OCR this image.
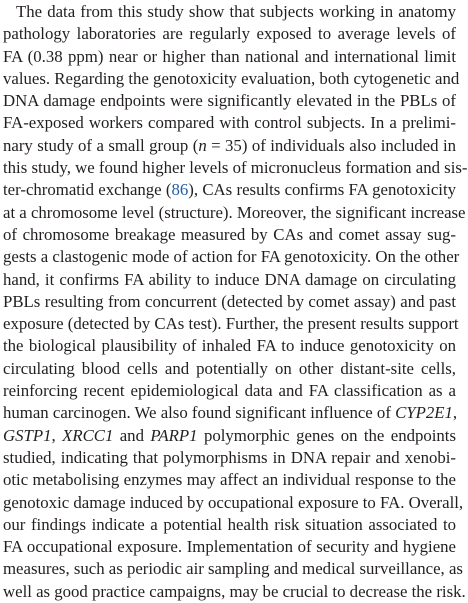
The data from this study show that subjects working in anatomy
pathology laboratories are regularly exposed to average levels of
FA (0.38 ppm) near or higher than national and international limit
values. Regarding the genotoxicity evaluation, both cytogenetic and
DNA damage endpoints were significantly elevated in the PBLs of
FA-exposed workers compared with control subjects. In a prelimi-
nary study of a small group (n = 35) of individuals also included in
this study, we found higher levels of micronucleus formation and sis-
ter-chromatid exchange (86), CAs results confirms FA genotoxicity
at a chromosome level (structure). Moreover, the significant increase
of chromosome breakage measured by CAs and comet assay sug-
gests a clastogenic mode of action for FA genotoxicity. On the other
hand, it confirms FA ability to induce DNA damage on circulating
PBLs resulting from concurrent (detected by comet assay) and past
exposure (detected by CAs test). Further, the present results support
the biological plausibility of inhaled FA to induce genotoxicity on
circulating blood cells and potentially on other distant-site cells,
reinforcing recent epidemiological data and FA classification as a
human carcinogen. We also found significant influence of CYP2E1,
GSTP1, XRCC1 and PARP1 polymorphic genes on the endpoints
studied, indicating that polymorphisms in DNA repair and xenobi-
otic metabolising enzymes may affect an individual response to the
genotoxic damage induced by occupational exposure to FA. Overall,
our findings indicate a potential health risk situation associated to
FA occupational exposure. Implementation of security and hygiene
measures, such as periodic air sampling and medical surveillance, as
well as good practice campaigns, may be crucial to decrease the risk.
